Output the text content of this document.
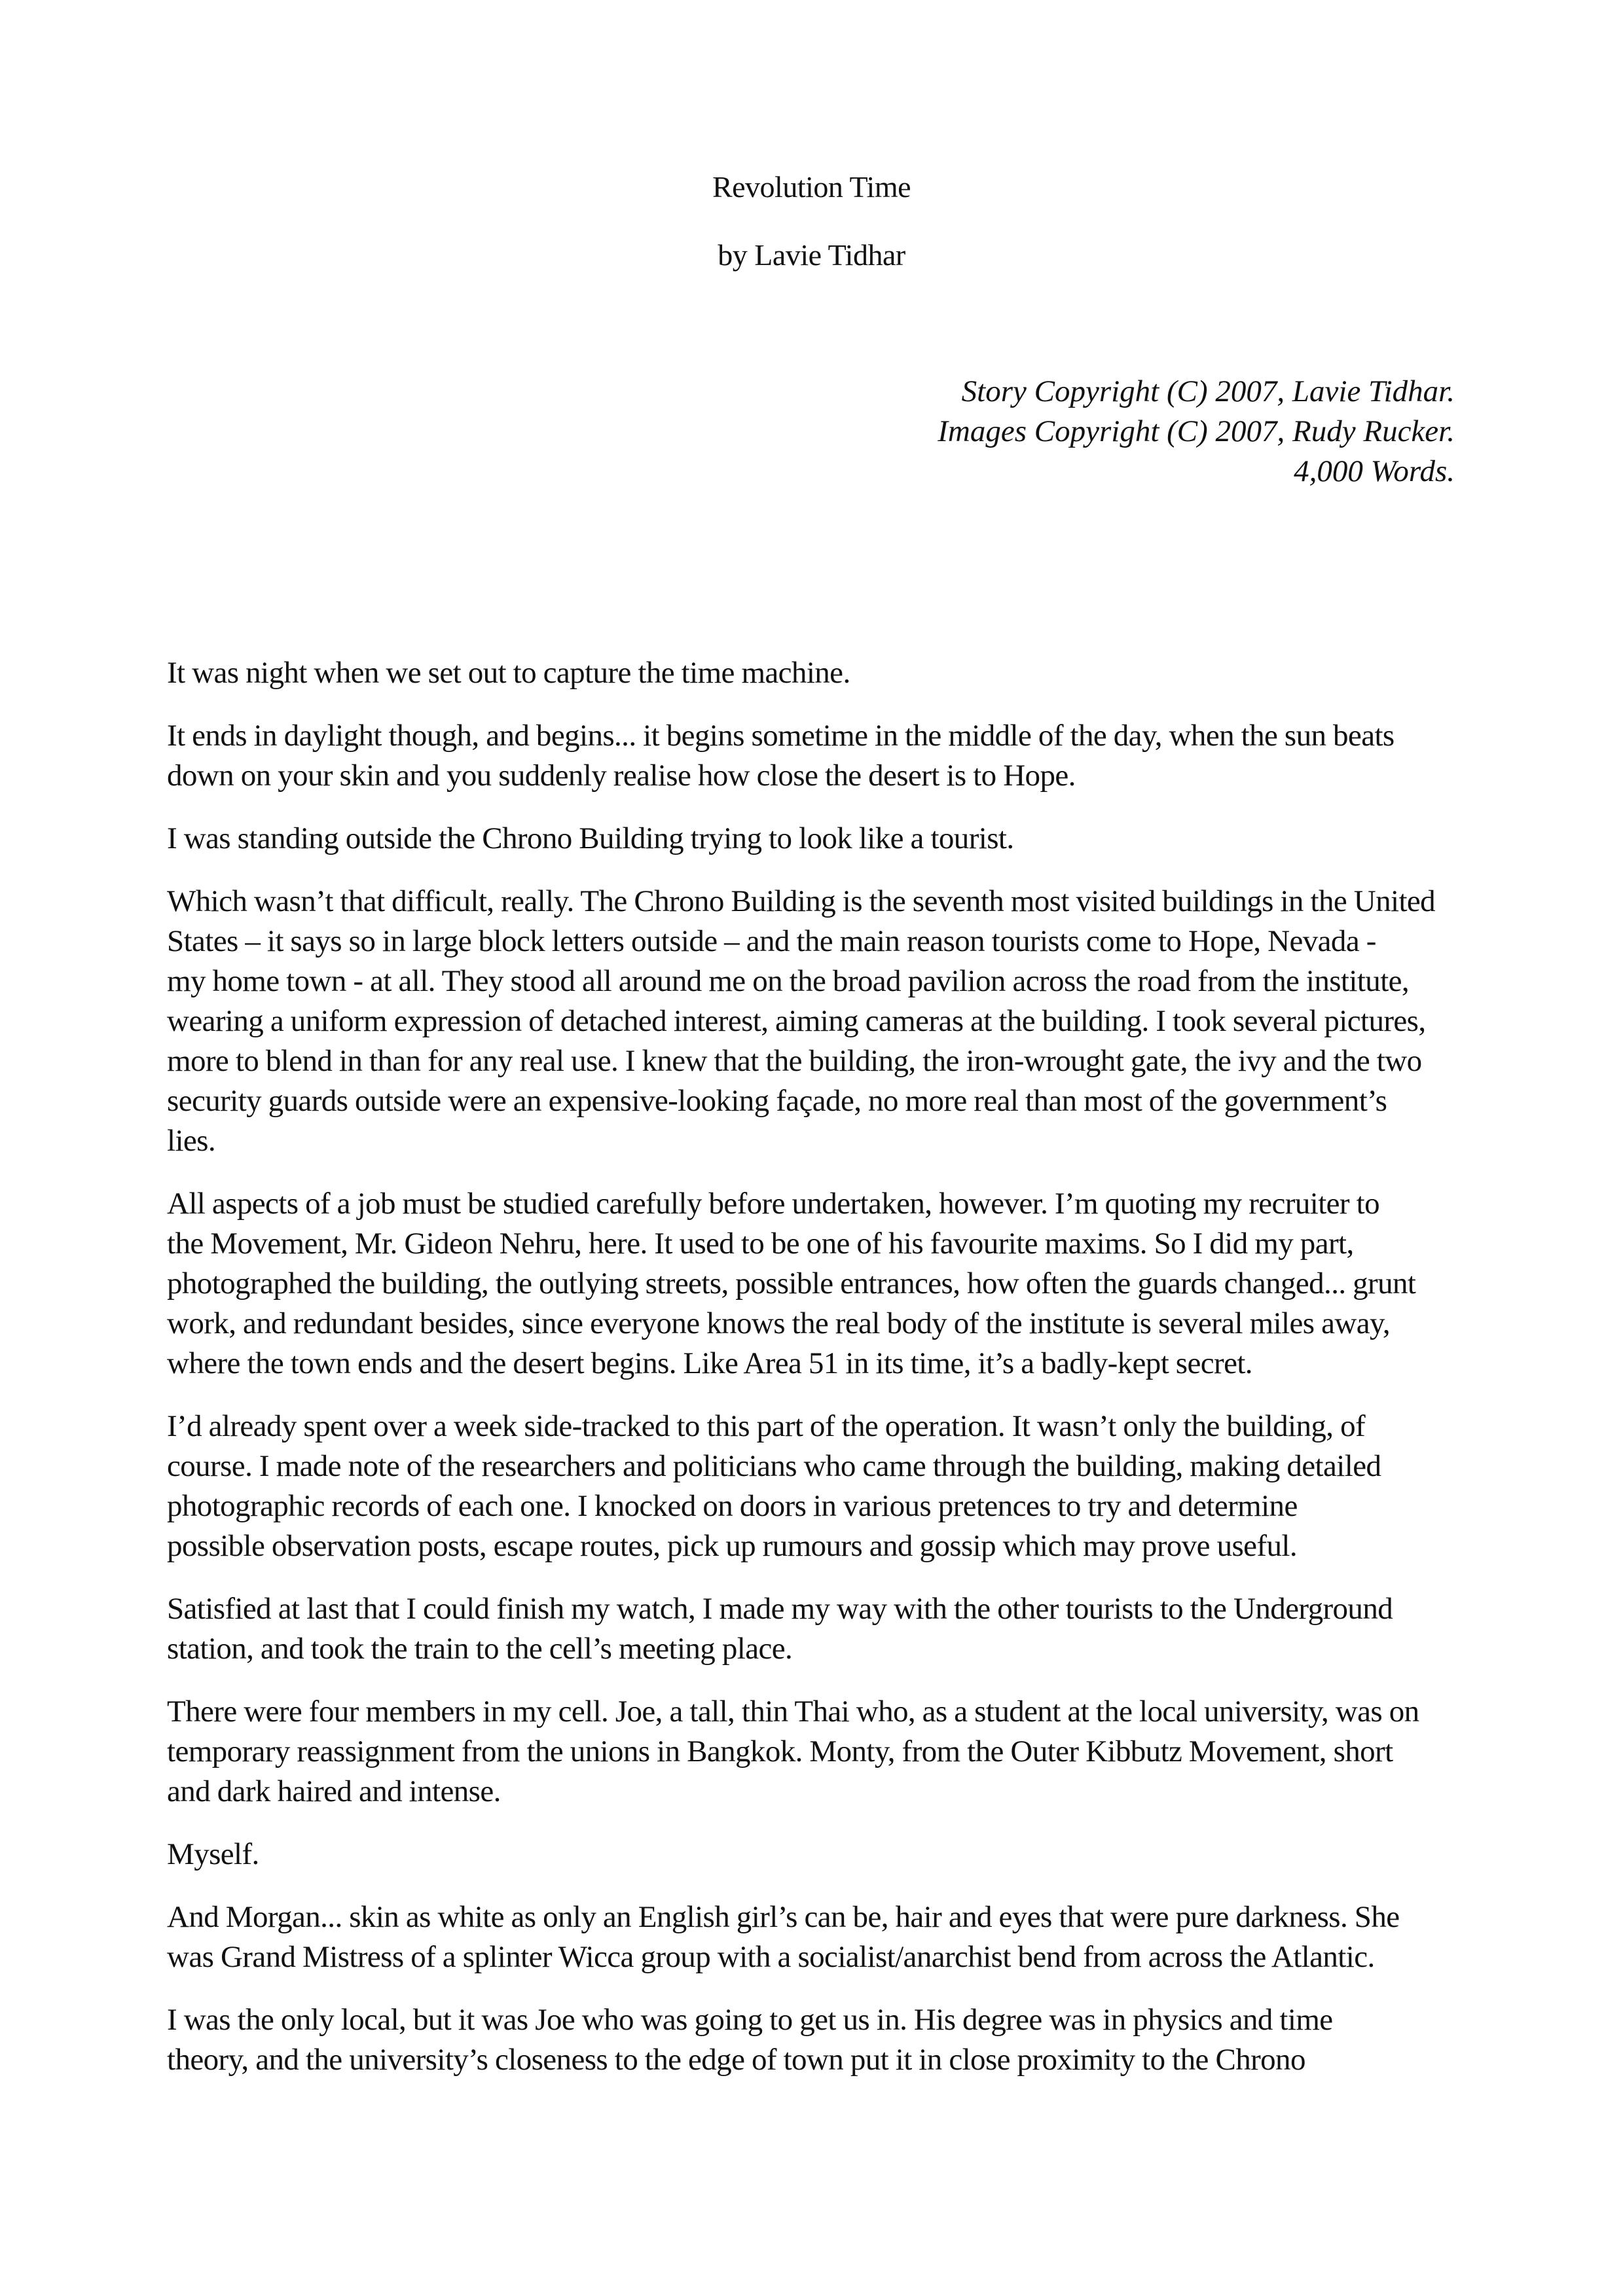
Revolution Time
by Lavie Tidhar
Story Copyright (C) 2007, Lavie Tidhar.
Images Copyright (C) 2007, Rudy Rucker.
4,000 Words.

It was night when we set out to capture the time machine.

It ends in daylight though, and begins... it begins sometime in the middle of the day, when the sun beats
down on your skin and you suddenly realise how close the desert is to Hope.

I was standing outside the Chrono Building trying to look like a tourist.

Which wasn’t that difficult, really. The Chrono Building is the seventh most visited buildings in the United
States – it says so in large block letters outside – and the main reason tourists come to Hope, Nevada -
my home town - at all. They stood all around me on the broad pavilion across the road from the institute,
wearing a uniform expression of detached interest, aiming cameras at the building. I took several pictures,
more to blend in than for any real use. I knew that the building, the iron-wrought gate, the ivy and the two
security guards outside were an expensive-looking façade, no more real than most of the government’s
lies.

All aspects of a job must be studied carefully before undertaken, however. I’m quoting my recruiter to
the Movement, Mr. Gideon Nehru, here. It used to be one of his favourite maxims. So I did my part,
photographed the building, the outlying streets, possible entrances, how often the guards changed... grunt
work, and redundant besides, since everyone knows the real body of the institute is several miles away,
where the town ends and the desert begins. Like Area 51 in its time, it’s a badly-kept secret.

I’d already spent over a week side-tracked to this part of the operation. It wasn’t only the building, of
course. I made note of the researchers and politicians who came through the building, making detailed
photographic records of each one. I knocked on doors in various pretences to try and determine
possible observation posts, escape routes, pick up rumours and gossip which may prove useful.

Satisfied at last that I could finish my watch, I made my way with the other tourists to the Underground
station, and took the train to the cell’s meeting place.

There were four members in my cell. Joe, a tall, thin Thai who, as a student at the local university, was on
temporary reassignment from the unions in Bangkok. Monty, from the Outer Kibbutz Movement, short
and dark haired and intense.

Myself.

And Morgan... skin as white as only an English girl’s can be, hair and eyes that were pure darkness. She
was Grand Mistress of a splinter Wicca group with a socialist/anarchist bend from across the Atlantic.

I was the only local, but it was Joe who was going to get us in. His degree was in physics and time
theory, and the university’s closeness to the edge of town put it in close proximity to the Chrono
